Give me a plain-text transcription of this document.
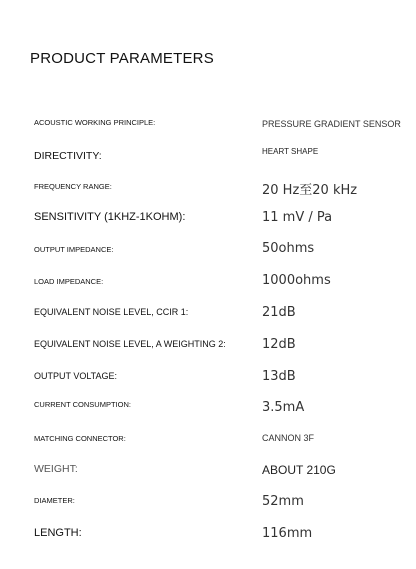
PRODUCT PARAMETERS
ACOUSTIC WORKING PRINCIPLE:	PRESSURE GRADIENT SENSOR
DIRECTIVITY:	HEART SHAPE
FREQUENCY RANGE:	20 Hz至20 kHz
SENSITIVITY (1KHZ-1KOHM):	11 mV / Pa
OUTPUT IMPEDANCE:	50ohms
LOAD IMPEDANCE:	1000ohms
EQUIVALENT NOISE LEVEL, CCIR 1:	21dB
EQUIVALENT NOISE LEVEL, A WEIGHTING 2:	12dB
OUTPUT VOLTAGE:	13dB
CURRENT CONSUMPTION:	3.5mA
MATCHING CONNECTOR:	CANNON 3F
WEIGHT:	ABOUT 210G
DIAMETER:	52mm
LENGTH:	116mm
